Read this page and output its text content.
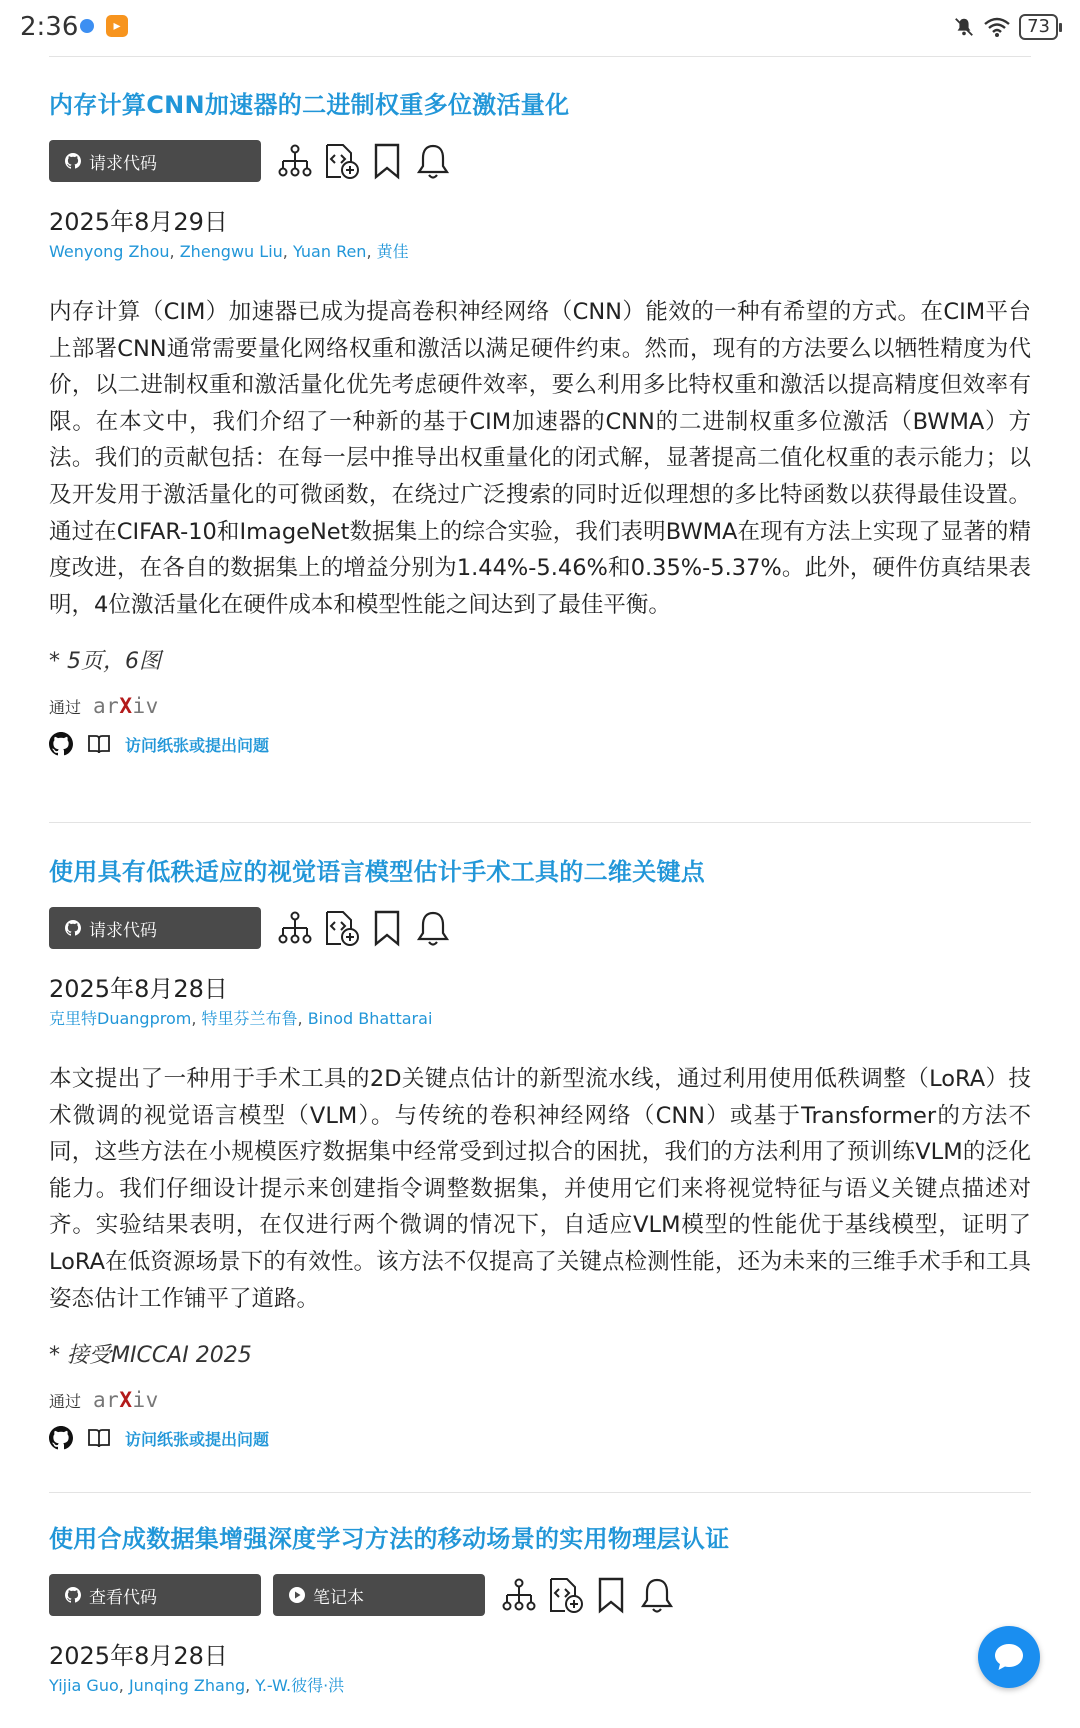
2:36	▸	73
内存计算CNN加速器的二进制权重多位激活量化
请求代码
2025年8月29日
Wenyong Zhou, Zhengwu Liu, Yuan Ren, 黄佳
内存计算（CIM）加速器已成为提高卷积神经网络（CNN）能效的一种有希望的方式。在CIM平台上部署CNN通常需要量化网络权重和激活以满足硬件约束。然而，现有的方法要么以牺牲精度为代价，以二进制权重和激活量化优先考虑硬件效率，要么利用多比特权重和激活以提高精度但效率有限。在本文中，我们介绍了一种新的基于CIM加速器的CNN的二进制权重多位激活（BWMA）方法。我们的贡献包括：在每一层中推导出权重量化的闭式解，显著提高二值化权重的表示能力；以及开发用于激活量化的可微函数，在绕过广泛搜索的同时近似理想的多比特函数以获得最佳设置。通过在CIFAR-10和ImageNet数据集上的综合实验，我们表明BWMA在现有方法上实现了显著的精度改进，在各自的数据集上的增益分别为1.44%-5.46%和0.35%-5.37%。此外，硬件仿真结果表明，4位激活量化在硬件成本和模型性能之间达到了最佳平衡。
* 5页，6图
通过 arXiv
访问纸张或提出问题
使用具有低秩适应的视觉语言模型估计手术工具的二维关键点
请求代码
2025年8月28日
克里特Duangprom, 特里芬兰布鲁, Binod Bhattarai
本文提出了一种用于手术工具的2D关键点估计的新型流水线，通过利用使用低秩调整（LoRA）技术微调的视觉语言模型（VLM）。与传统的卷积神经网络（CNN）或基于Transformer的方法不同，这些方法在小规模医疗数据集中经常受到过拟合的困扰，我们的方法利用了预训练VLM的泛化能力。我们仔细设计提示来创建指令调整数据集，并使用它们来将视觉特征与语义关键点描述对齐。实验结果表明，在仅进行两个微调的情况下，自适应VLM模型的性能优于基线模型，证明了LoRA在低资源场景下的有效性。该方法不仅提高了关键点检测性能，还为未来的三维手术手和工具姿态估计工作铺平了道路。
* 接受MICCAI 2025
通过 arXiv
访问纸张或提出问题
使用合成数据集增强深度学习方法的移动场景的实用物理层认证
查看代码	笔记本
2025年8月28日
Yijia Guo, Junqing Zhang, Y.-W.彼得·洪
